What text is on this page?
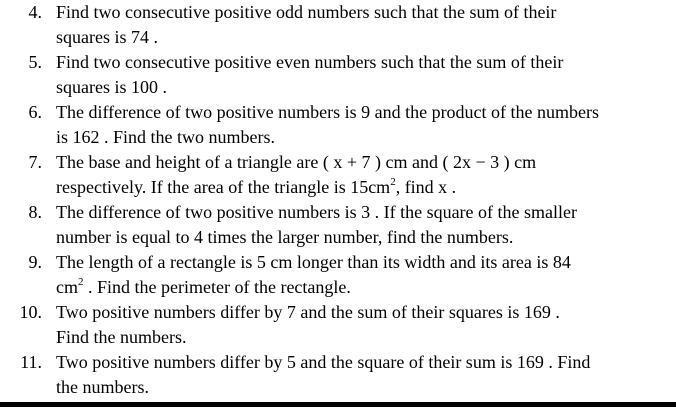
4. Find two consecutive positive odd numbers such that the sum of their
squares is 74 .
5. Find two consecutive positive even numbers such that the sum of their
squares is 100 .
6. The difference of two positive numbers is 9 and the product of the numbers
is 162 . Find the two numbers.
7. The base and height of a triangle are ( x + 7 ) cm and ( 2x − 3 ) cm
respectively. If the area of the triangle is $15cm^2$, find x .
8. The difference of two positive numbers is 3 . If the square of the smaller
number is equal to 4 times the larger number, find the numbers.
9. The length of a rectangle is 5 cm longer than its width and its area is 84
$cm^2$ . Find the perimeter of the rectangle.
10. Two positive numbers differ by 7 and the sum of their squares is 169 .
Find the numbers.
11. Two positive numbers differ by 5 and the square of their sum is 169 . Find
the numbers.
